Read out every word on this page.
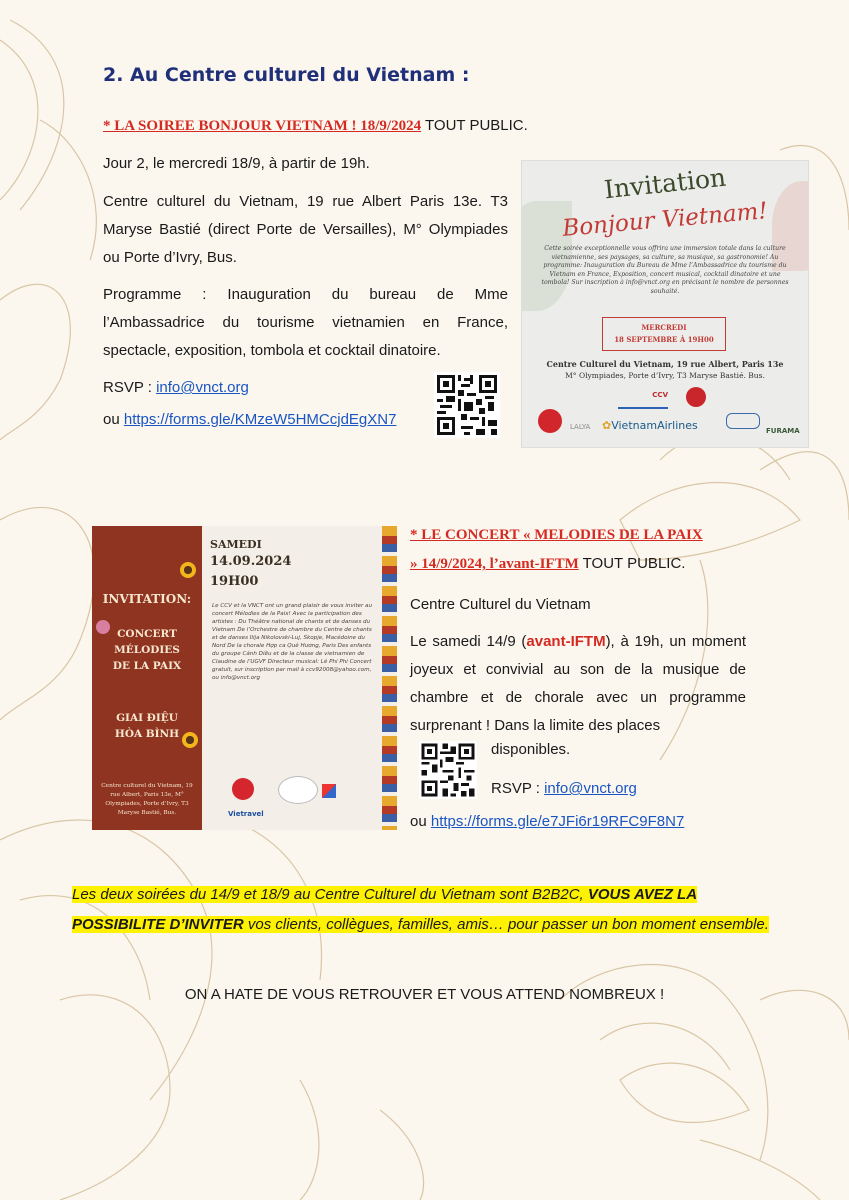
2. Au Centre culturel du Vietnam :
* LA SOIREE BONJOUR VIETNAM ! 18/9/2024 TOUT PUBLIC.
Jour 2, le mercredi 18/9, à partir de 19h.
Centre culturel du Vietnam, 19 rue Albert Paris 13e. T3 Maryse Bastié (direct Porte de Versailles), M° Olympiades ou Porte d’Ivry, Bus.
Programme : Inauguration du bureau de Mme l’Ambassadrice du tourisme vietnamien en France, spectacle, exposition, tombola et cocktail dinatoire.
RSVP : info@vnct.org
ou https://forms.gle/KMzeW5HMCcjdEgXN7
Invitation
Bonjour Vietnam!
Cette soirée exceptionnelle vous offrira une immersion totale dans la culture vietnamienne, ses paysages, sa culture, sa musique, sa gastronomie! Au programme: Inauguration du Bureau de Mme l’Ambassadrice du tourisme du Vietnam en France, Exposition, concert musical, cocktail dinatoire et une tombola! Sur inscription à info@vnct.org en précisant le nombre de personnes souhaité.
MERCREDI
18 SEPTEMBRE À 19H00
Centre Culturel du Vietnam, 19 rue Albert, Paris 13e
M° Olympiades, Porte d’Ivry, T3 Maryse Bastié. Bus.
LALYA
CCV
✿VietnamAirlines	FURAMA
INVITATION:
CONCERT MÉLODIES DE LA PAIX
GIAI ĐIỆU HÒA BÌNH
Centre culturel du Vietnam, 19 rue Albert, Paris 13e, M° Olympiades, Porte d’Ivry, T3 Maryse Bastié, Bus.
SAMEDI
14.09.2024
19H00
Le CCV et la VNCT ont un grand plaisir de vous inviter au concert Mélodies de la Paix! Avec la participation des artistes : Du Théâtre national de chants et de danses du Vietnam De l’Orchestre de chambre du Centre de chants et de danses Ilija Nikolovski-Luj, Skopje, Macédoine du Nord De la chorale Hợp ca Quê Hương, Paris Des enfants du groupe Cánh Diều et de la classe de vietnamien de Claudine de l’UGVF Directeur musical: Lê Phi Phi Concert gratuit, sur inscription par mail à ccv92008@yahoo.com, ou info@vnct.org
Vietravel
* LE CONCERT « MELODIES DE LA PAIX
» 14/9/2024, l’avant-IFTM TOUT PUBLIC.
Centre Culturel du Vietnam
Le samedi 14/9 (avant-IFTM), à 19h, un moment joyeux et convivial au son de la musique de chambre et de chorale avec un programme surprenant ! Dans la limite des places
disponibles.
RSVP : info@vnct.org
ou https://forms.gle/e7JFi6r19RFC9F8N7
Les deux soirées du 14/9 et 18/9 au Centre Culturel du Vietnam sont B2B2C, VOUS AVEZ LA POSSIBILITE D’INVITER vos clients, collègues, familles, amis… pour passer un bon moment ensemble.
ON A HATE DE VOUS RETROUVER ET VOUS ATTEND NOMBREUX !
